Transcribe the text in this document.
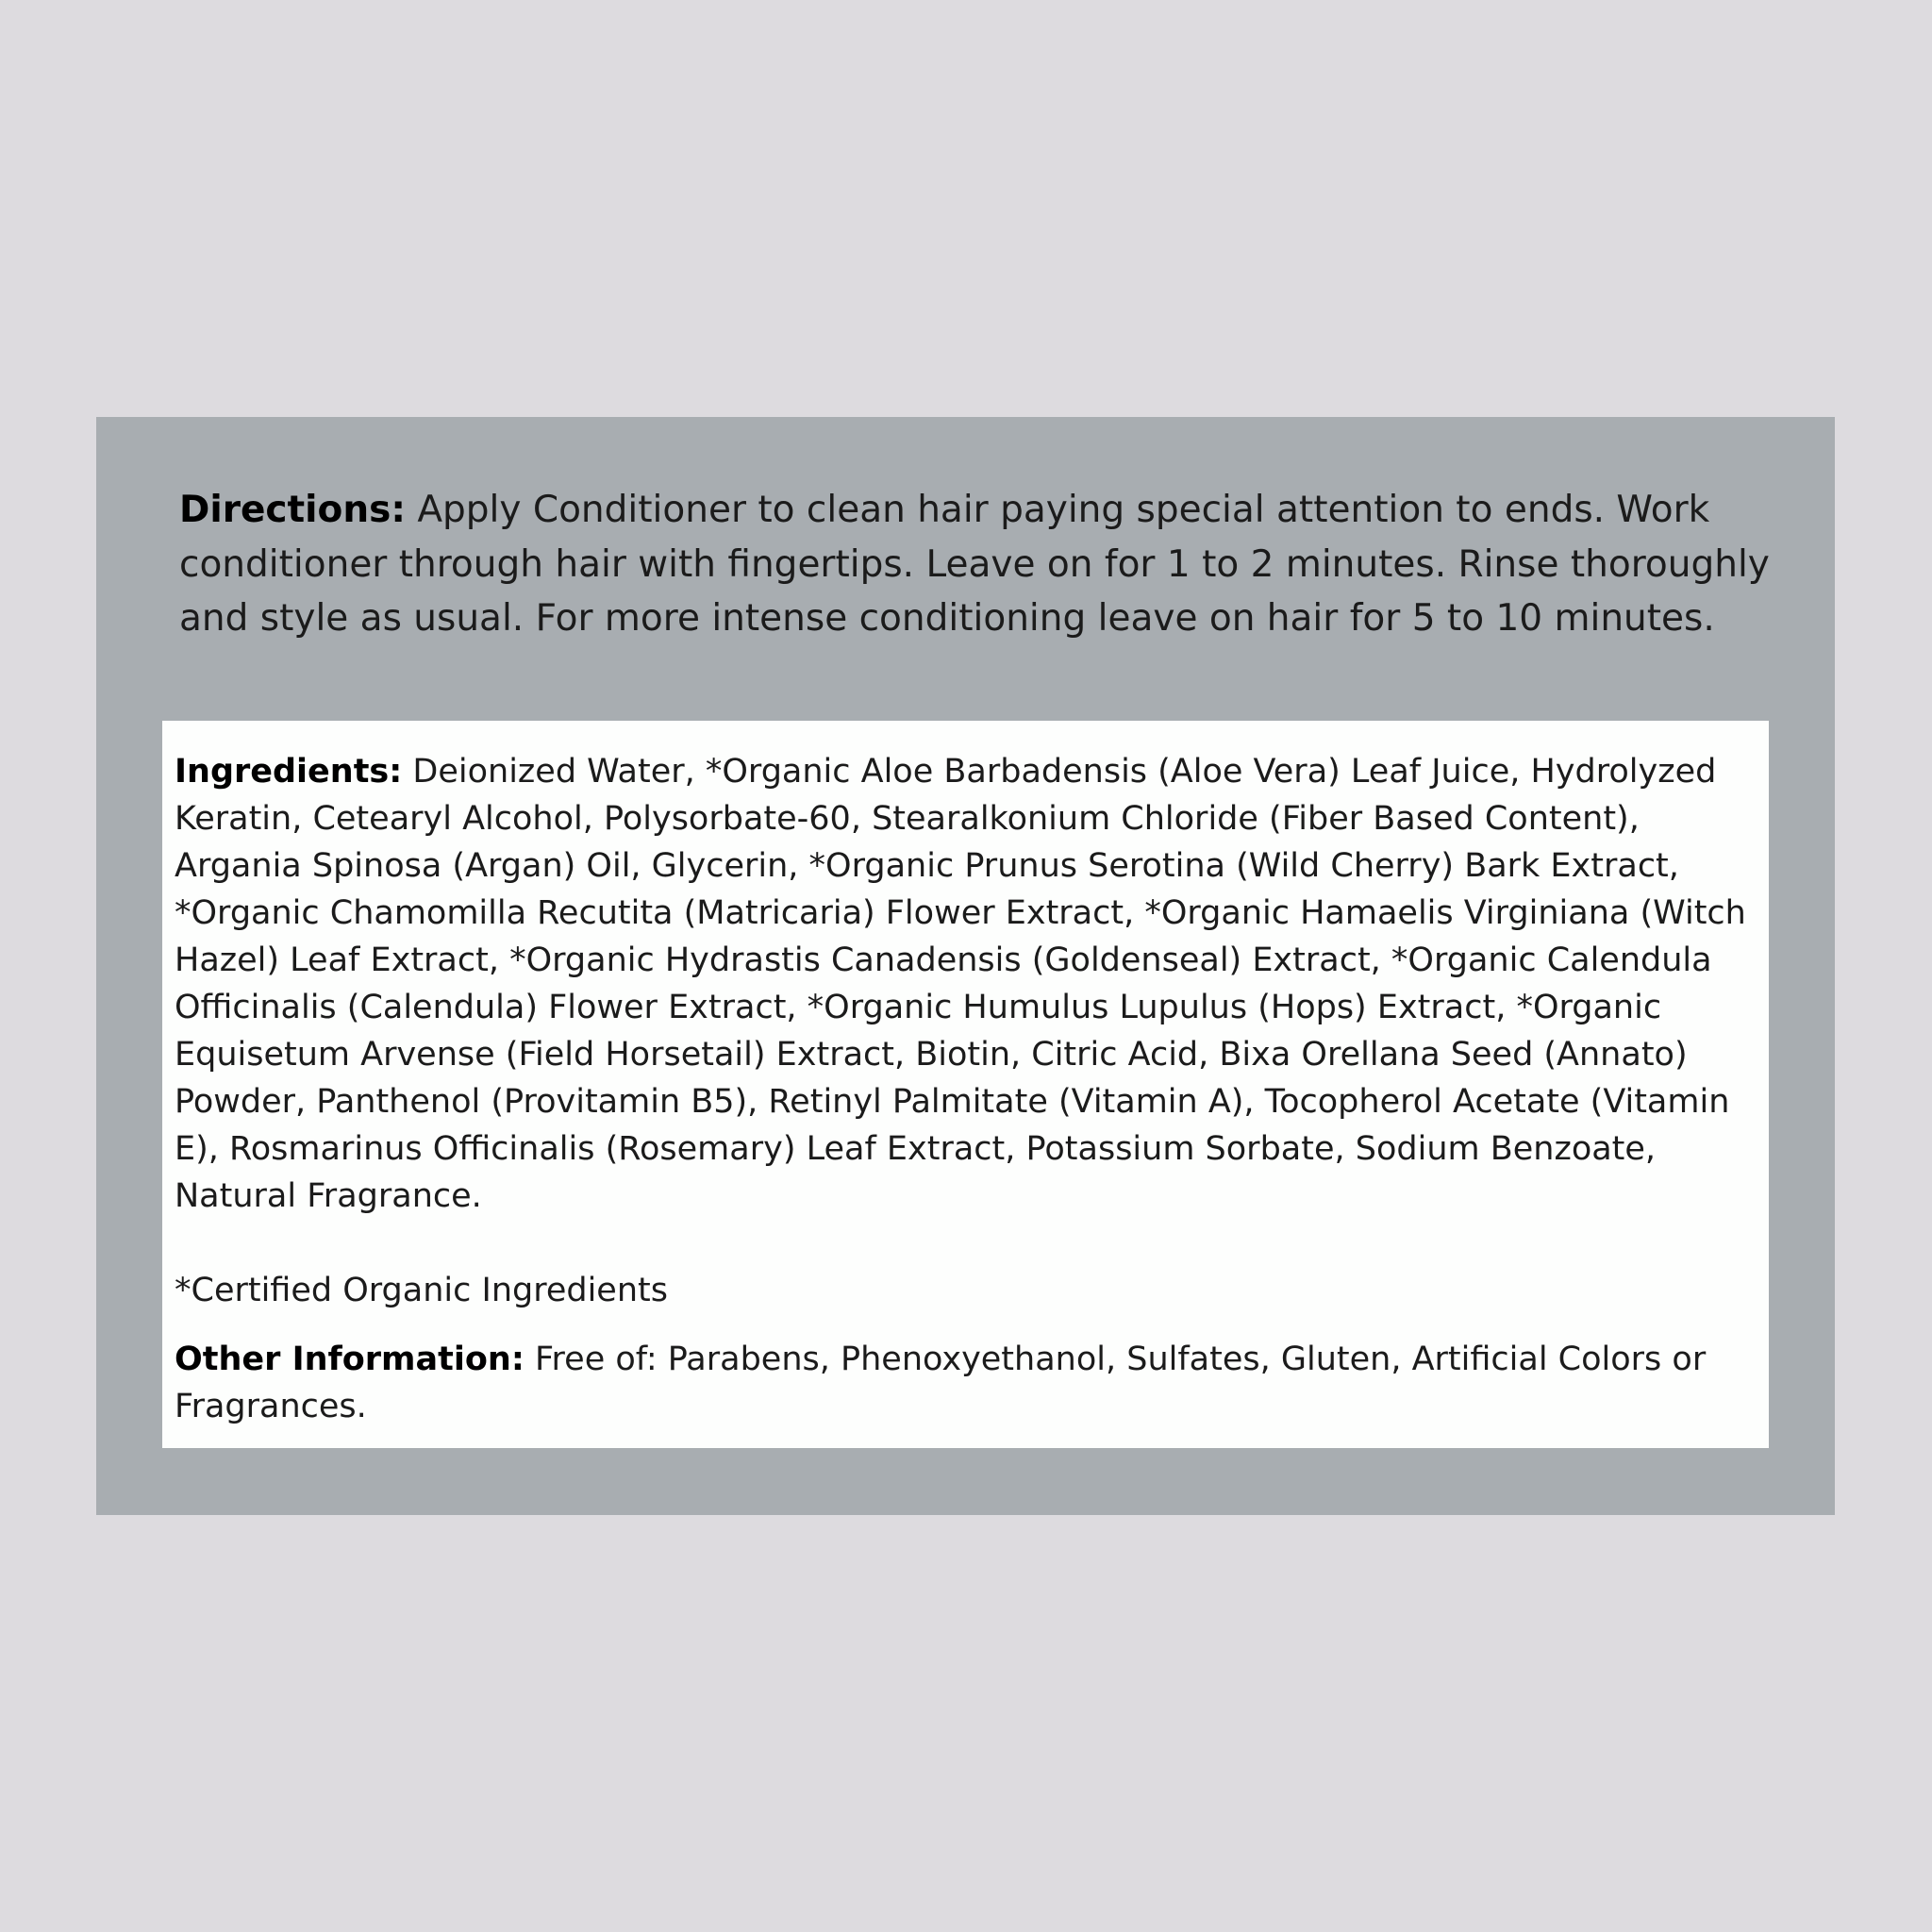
Directions: Apply Conditioner to clean hair paying special attention to ends. Work conditioner through hair with fingertips. Leave on for 1 to 2 minutes. Rinse thoroughly and style as usual. For more intense conditioning leave on hair for 5 to 10 minutes.

Ingredients: Deionized Water, *Organic Aloe Barbadensis (Aloe Vera) Leaf Juice, Hydrolyzed Keratin, Cetearyl Alcohol, Polysorbate-60, Stearalkonium Chloride (Fiber Based Content), Argania Spinosa (Argan) Oil, Glycerin, *Organic Prunus Serotina (Wild Cherry) Bark Extract, *Organic Chamomilla Recutita (Matricaria) Flower Extract, *Organic Hamaelis Virginiana (Witch Hazel) Leaf Extract, *Organic Hydrastis Canadensis (Goldenseal) Extract, *Organic Calendula Officinalis (Calendula) Flower Extract, *Organic Humulus Lupulus (Hops) Extract, *Organic Equisetum Arvense (Field Horsetail) Extract, Biotin, Citric Acid, Bixa Orellana Seed (Annato) Powder, Panthenol (Provitamin B5), Retinyl Palmitate (Vitamin A), Tocopherol Acetate (Vitamin E), Rosmarinus Officinalis (Rosemary) Leaf Extract, Potassium Sorbate, Sodium Benzoate, Natural Fragrance.

*Certified Organic Ingredients

Other Information: Free of: Parabens, Phenoxyethanol, Sulfates, Gluten, Artificial Colors or Fragrances.
